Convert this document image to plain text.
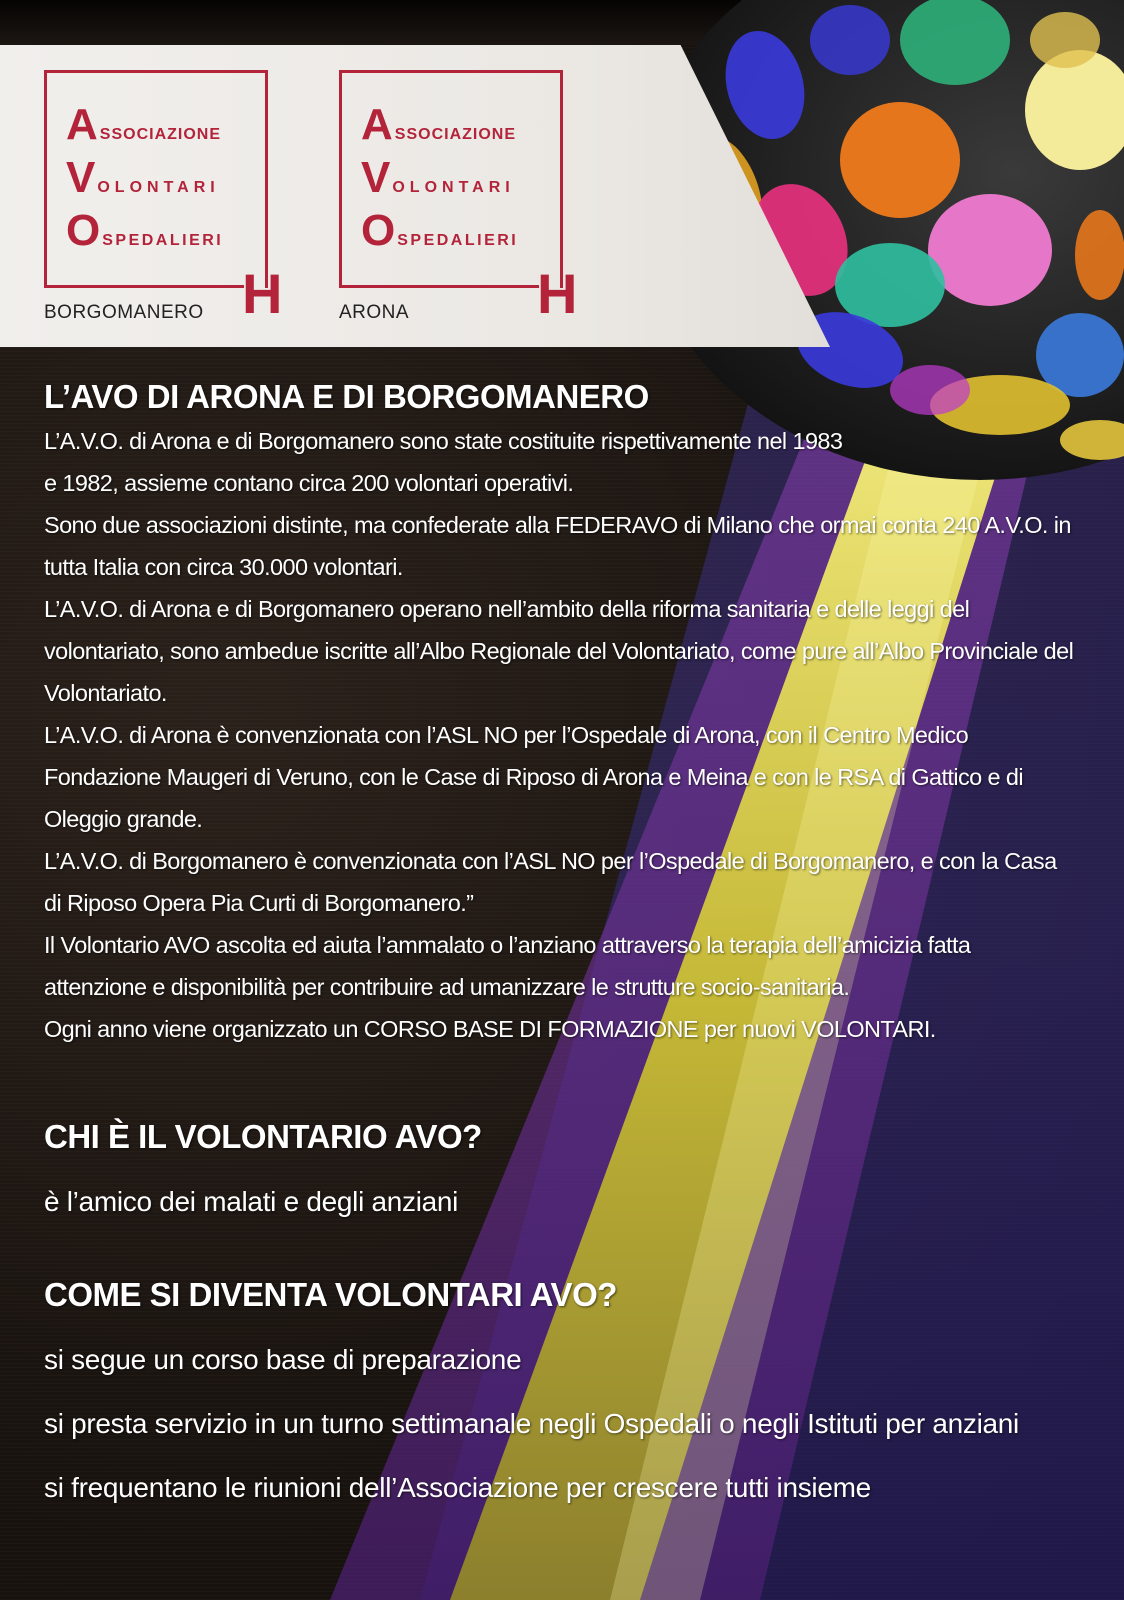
ASSOCIAZIONE
VOLONTARI
OSPEDALIERI
H
BORGOMANERO
ASSOCIAZIONE
VOLONTARI
OSPEDALIERI
H
ARONA
L’AVO DI ARONA E DI BORGOMANERO

L’A.V.O. di Arona e di Borgomanero sono state costituite rispettivamente nel 1983 e 1982, assieme contano circa 200 volontari operativi.

Sono due associazioni distinte, ma confederate alla FEDERAVO di Milano che ormai conta 240 A.V.O. in tutta Italia con circa 30.000 volontari.

L’A.V.O. di Arona e di Borgomanero operano nell’ambito della riforma sanitaria e delle leggi del volontariato, sono ambedue iscritte all’Albo Regionale del Volontariato, come pure all’Albo Provinciale del Volontariato.

L’A.V.O. di Arona è convenzionata con l’ASL NO per l’Ospedale di Arona, con il Centro Medico Fondazione Maugeri di Veruno, con le Case di Riposo di Arona e Meina e con le RSA di Gattico e di Oleggio grande.

L’A.V.O. di Borgomanero è convenzionata con l’ASL NO per l’Ospedale di Borgomanero, e con la Casa di Riposo Opera Pia Curti di Borgomanero.”

Il Volontario AVO ascolta ed aiuta l’ammalato o l’anziano attraverso la terapia dell’amicizia fatta attenzione e disponibilità per contribuire ad umanizzare le strutture socio-sanitaria.

Ogni anno viene organizzato un CORSO BASE DI FORMAZIONE per nuovi VOLONTARI.

CHI È IL VOLONTARIO AVO?
è l’amico dei malati e degli anziani
COME SI DIVENTA VOLONTARI AVO?

si segue un corso base di preparazione

si presta servizio in un turno settimanale negli Ospedali o negli Istituti per anziani

si frequentano le riunioni dell’Associazione per crescere tutti insieme
